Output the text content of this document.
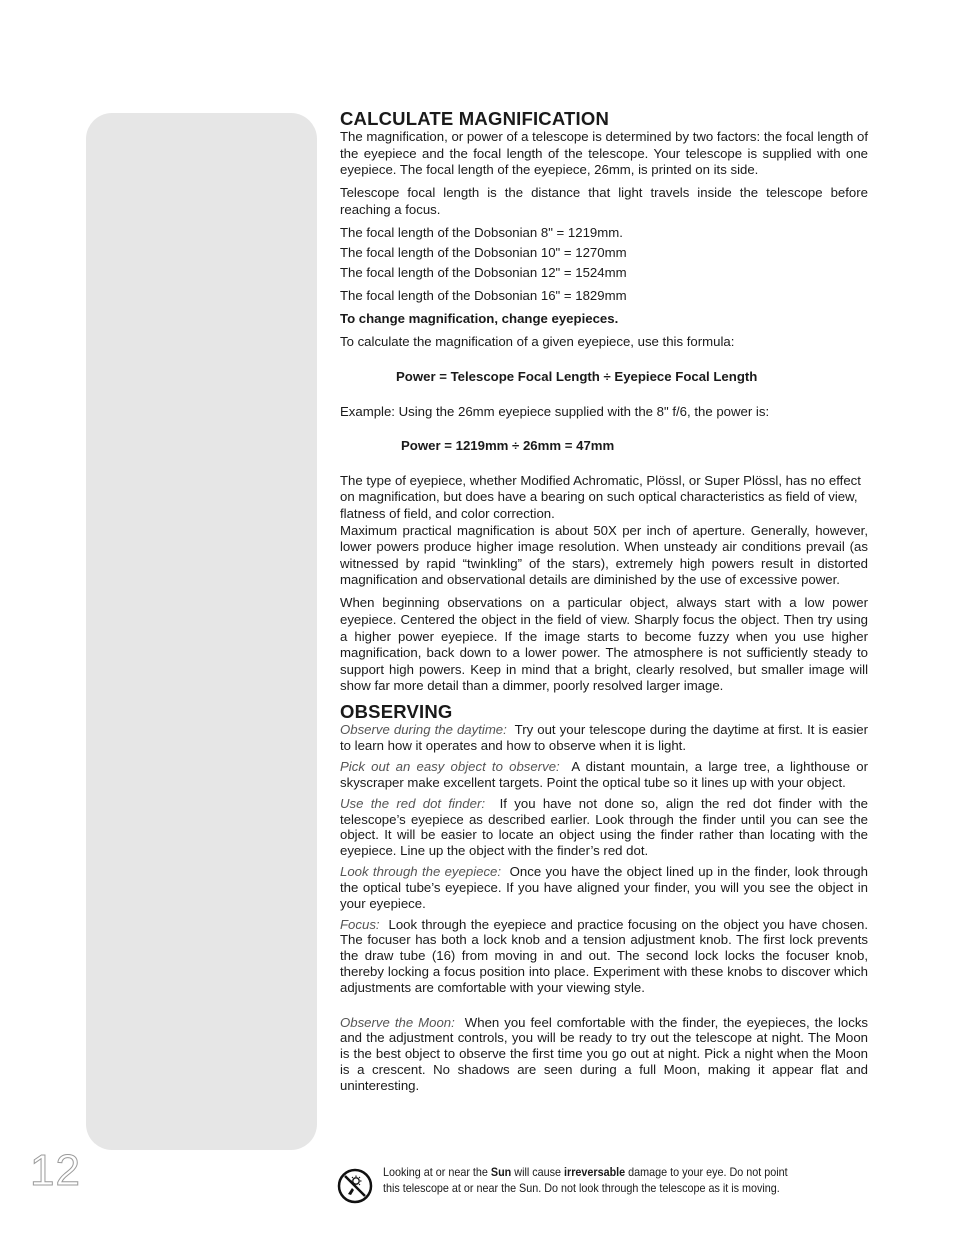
12
CALCULATE MAGNIFICATION

The magnification, or power of a telescope is determined by two factors: the focal length of the eyepiece and the focal length of the telescope. Your telescope is supplied with one eyepiece. The focal length of the eyepiece, 26mm, is printed on its side.

Telescope focal length is the distance that light travels inside the telescope before reaching a focus.

The focal length of the Dobsonian 8" = 1219mm.

The focal length of the Dobsonian 10" = 1270mm

The focal length of the Dobsonian 12" = 1524mm

The focal length of the Dobsonian 16" = 1829mm

To change magnification, change eyepieces.

To calculate the magnification of a given eyepiece, use this formula:

Power = Telescope Focal Length ÷ Eyepiece Focal Length

Example: Using the 26mm eyepiece supplied with the 8" f/6, the power is:

Power = 1219mm ÷ 26mm = 47mm

The type of eyepiece, whether Modified Achromatic, Plössl, or Super Plössl, has no effect on magnification, but does have a bearing on such optical characteristics as field of view, flatness of field, and color correction.

Maximum practical magnification is about 50X per inch of aperture. Generally, however, lower powers produce higher image resolution. When unsteady air conditions prevail (as witnessed by rapid “twinkling” of the stars), extremely high powers result in distorted magnification and observational details are diminished by the use of excessive power.

When beginning observations on a particular object, always start with a low power eyepiece. Centered the object in the field of view. Sharply focus the object. Then try using a higher power eyepiece. If the image starts to become fuzzy when you use higher magnification, back down to a lower power. The atmosphere is not sufficiently steady to support high powers. Keep in mind that a bright, clearly resolved, but smaller image will show far more detail than a dimmer, poorly resolved larger image.

OBSERVING

Observe during the daytime: Try out your telescope during the daytime at first. It is easier to learn how it operates and how to observe when it is light.

Pick out an easy object to observe: A distant mountain, a large tree, a lighthouse or skyscraper make excellent targets. Point the optical tube so it lines up with your object.

Use the red dot finder: If you have not done so, align the red dot finder with the telescope’s eyepiece as described earlier. Look through the finder until you can see the object. It will be easier to locate an object using the finder rather than locating with the eyepiece. Line up the object with the finder’s red dot.

Look through the eyepiece: Once you have the object lined up in the finder, look through the optical tube’s eyepiece. If you have aligned your finder, you will you see the object in your eyepiece.

Focus: Look through the eyepiece and practice focusing on the object you have chosen. The focuser has both a lock knob and a tension adjustment knob. The first lock prevents the draw tube (16) from moving in and out. The second lock locks the focuser knob, thereby locking a focus position into place. Experiment with these knobs to discover which adjustments are comfortable with your viewing style.

Observe the Moon: When you feel comfortable with the finder, the eyepieces, the locks and the adjustment controls, you will be ready to try out the telescope at night. The Moon is the best object to observe the first time you go out at night. Pick a night when the Moon is a crescent. No shadows are seen during a full Moon, making it appear flat and uninteresting.

Looking at or near the Sun will cause irreversable damage to your eye. Do not point
this telescope at or near the Sun. Do not look through the telescope as it is moving.
